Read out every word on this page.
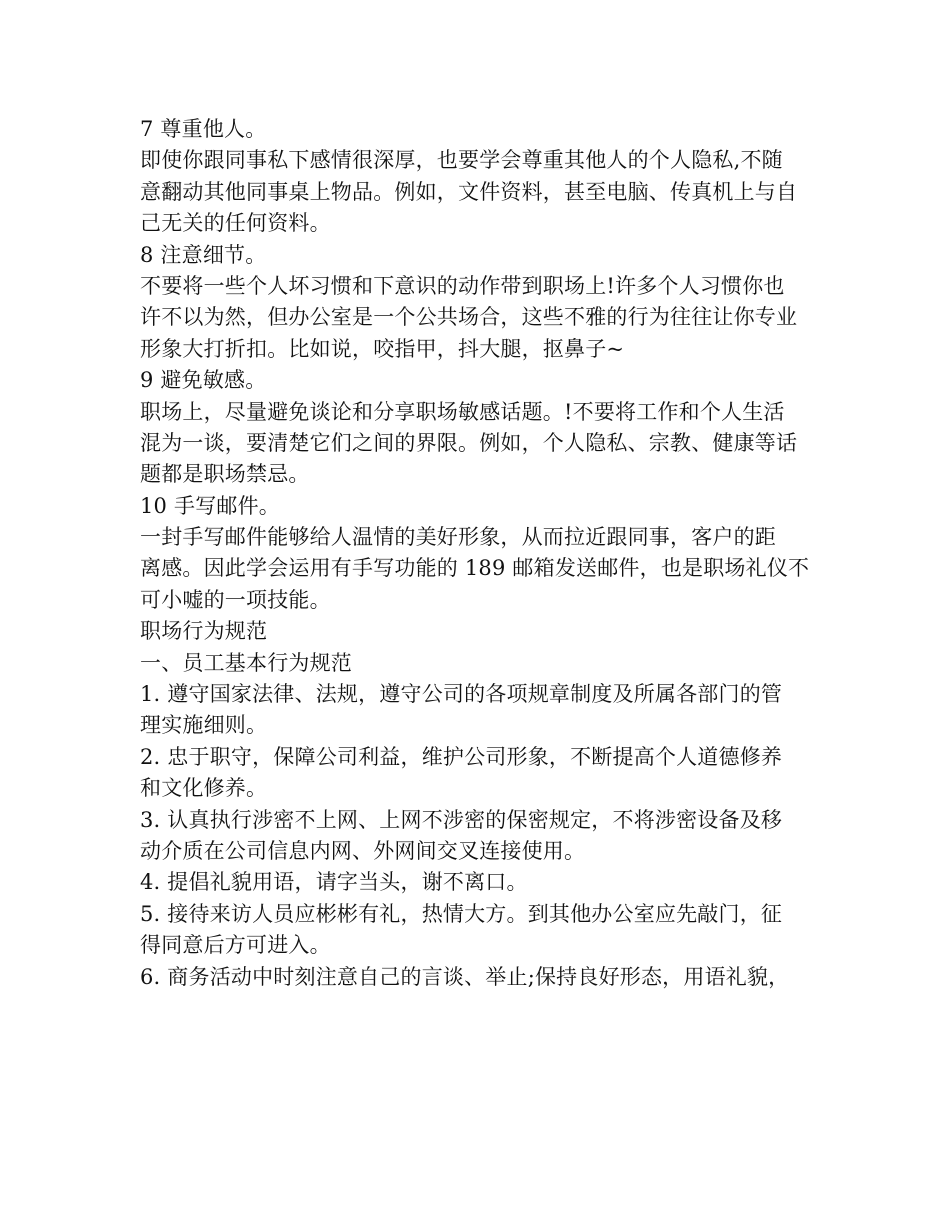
7 尊重他人。
即使你跟同事私下感情很深厚，也要学会尊重其他人的个人隐私,不随
意翻动其他同事桌上物品。例如，文件资料，甚至电脑、传真机上与自
己无关的任何资料。
8 注意细节。
不要将一些个人坏习惯和下意识的动作带到职场上!许多个人习惯你也
许不以为然，但办公室是一个公共场合，这些不雅的行为往往让你专业
形象大打折扣。比如说，咬指甲，抖大腿，抠鼻子~
9 避免敏感。
职场上，尽量避免谈论和分享职场敏感话题。!不要将工作和个人生活
混为一谈，要清楚它们之间的界限。例如，个人隐私、宗教、健康等话
题都是职场禁忌。
10 手写邮件。
一封手写邮件能够给人温情的美好形象，从而拉近跟同事，客户的距
离感。因此学会运用有手写功能的 189 邮箱发送邮件，也是职场礼仪不
可小嘘的一项技能。
职场行为规范
一、员工基本行为规范
1. 遵守国家法律、法规，遵守公司的各项规章制度及所属各部门的管
理实施细则。
2. 忠于职守，保障公司利益，维护公司形象，不断提高个人道德修养
和文化修养。
3. 认真执行涉密不上网、上网不涉密的保密规定，不将涉密设备及移
动介质在公司信息内网、外网间交叉连接使用。
4. 提倡礼貌用语，请字当头，谢不离口。
5. 接待来访人员应彬彬有礼，热情大方。到其他办公室应先敲门，征
得同意后方可进入。
6. 商务活动中时刻注意自己的言谈、举止;保持良好形态，用语礼貌，
